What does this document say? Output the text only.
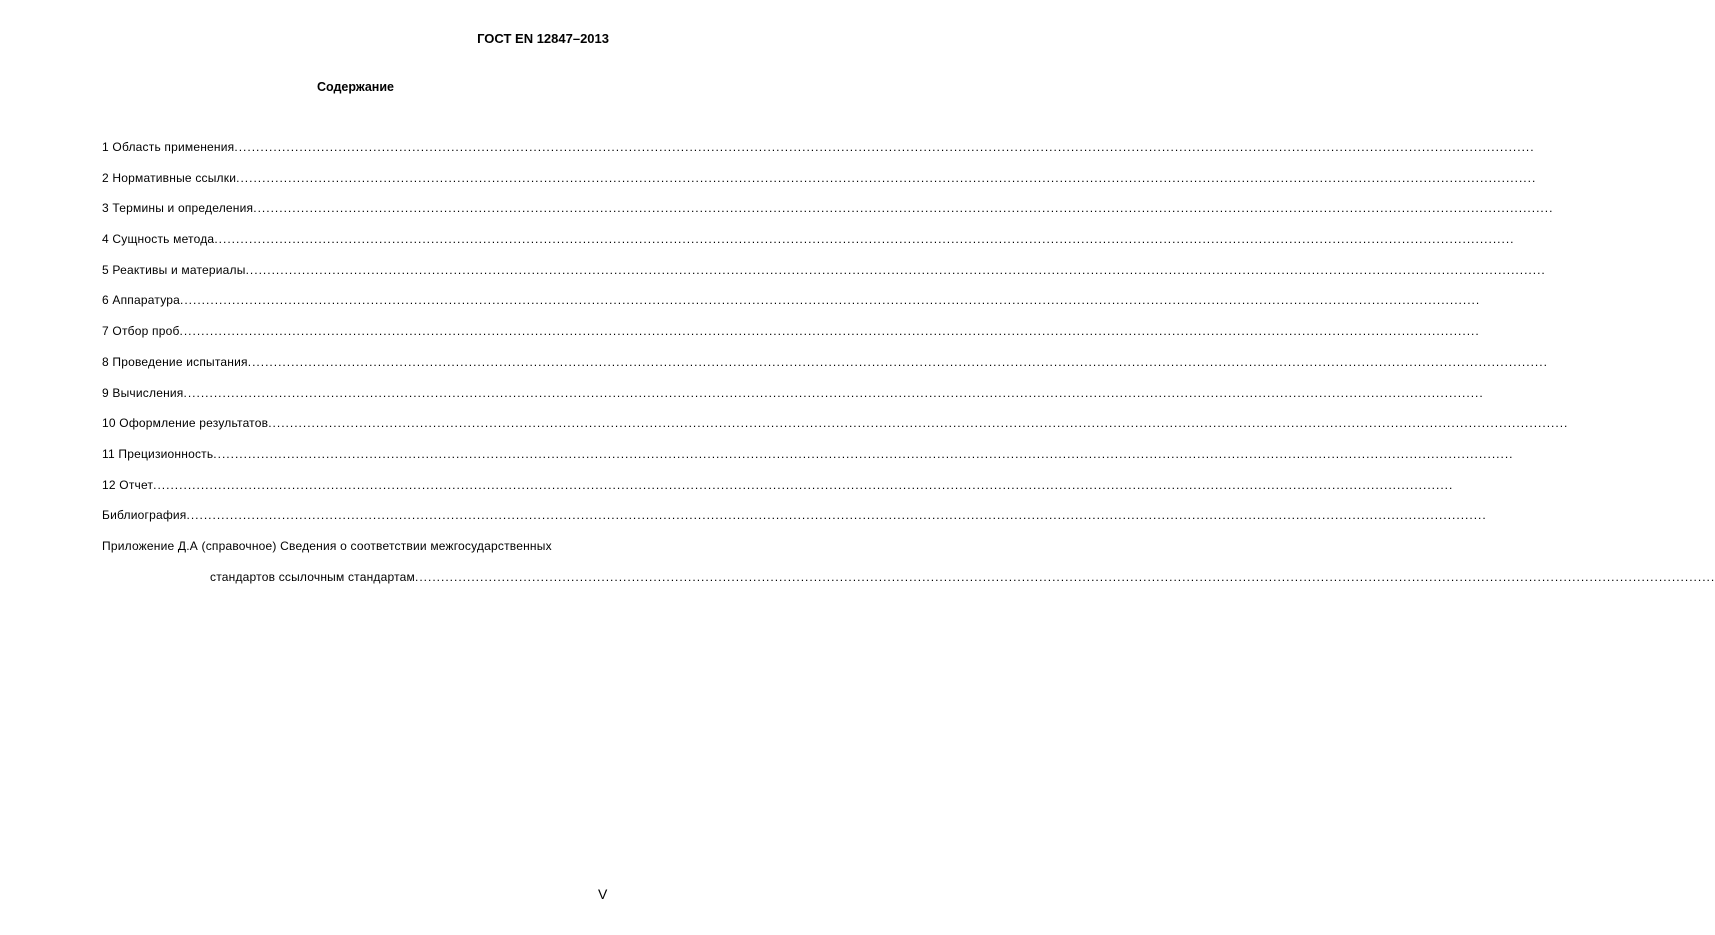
ГОСТ EN 12847–2013
Содержание
1 Область применения ............................................................................................................................................................................................................................................................................................................
2 Нормативные ссылки ............................................................................................................................................................................................................................................................................................................
3 Термины и определения ............................................................................................................................................................................................................................................................................................................
4 Сущность метода ............................................................................................................................................................................................................................................................................................................
5 Реактивы и материалы ............................................................................................................................................................................................................................................................................................................
6 Аппаратура ............................................................................................................................................................................................................................................................................................................
7 Отбор проб ............................................................................................................................................................................................................................................................................................................
8 Проведение испытания ............................................................................................................................................................................................................................................................................................................
9 Вычисления ............................................................................................................................................................................................................................................................................................................
10 Оформление результатов ............................................................................................................................................................................................................................................................................................................
11 Прецизионность ............................................................................................................................................................................................................................................................................................................
12 Отчет ............................................................................................................................................................................................................................................................................................................
Библиография ............................................................................................................................................................................................................................................................................................................
Приложение Д.А (справочное) Сведения о соответствии межгосударственных
стандартов ссылочным стандартам ............................................................................................................................................................................................................................................................................................................
V
